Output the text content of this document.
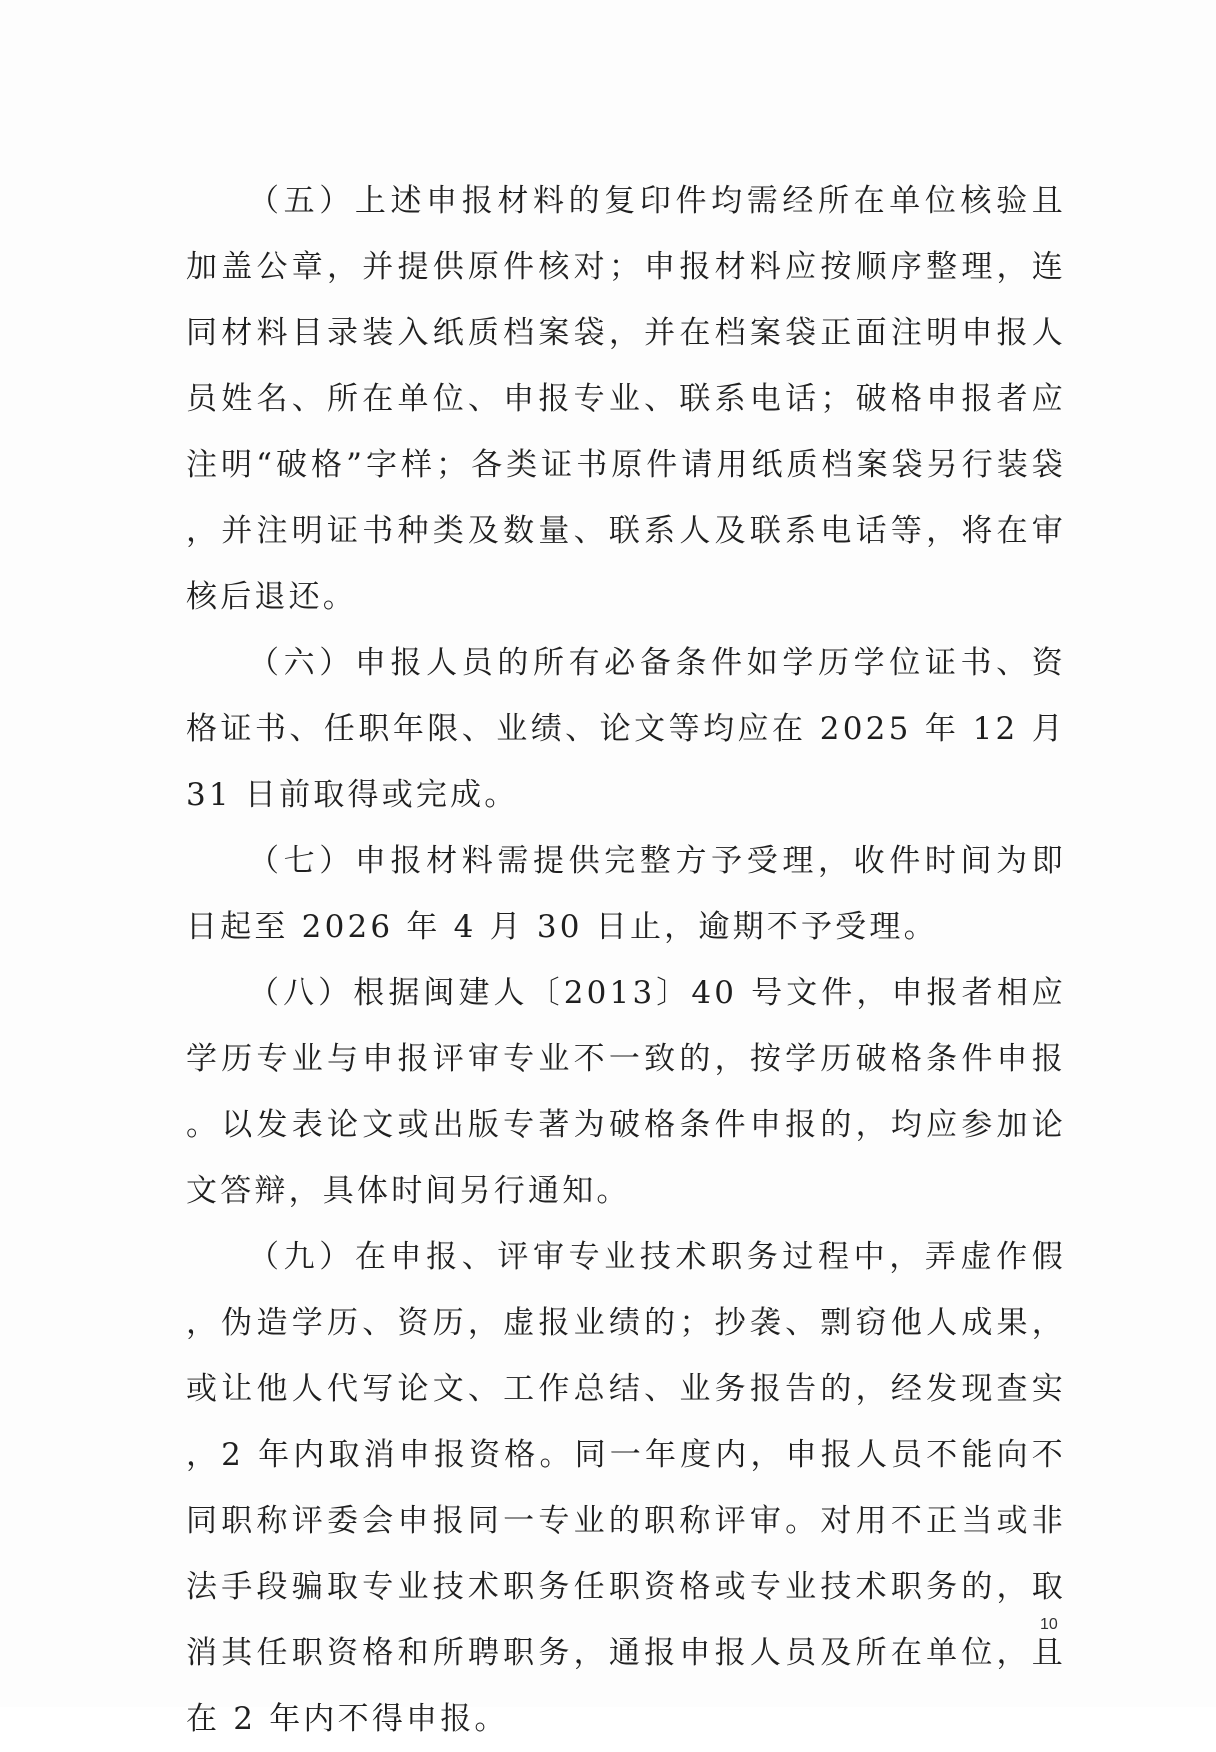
（五）上述申报材料的复印件均需经所在单位核验且加盖公章，并提供原件核对；申报材料应按顺序整理，连同材料目录装入纸质档案袋，并在档案袋正面注明申报人员姓名、所在单位、申报专业、联系电话；破格申报者应注明“破格”字样；各类证书原件请用纸质档案袋另行装袋，并注明证书种类及数量、联系人及联系电话等，将在审核后退还。

（六）申报人员的所有必备条件如学历学位证书、资格证书、任职年限、业绩、论文等均应在 2025 年 12 月 31 日前取得或完成。

（七）申报材料需提供完整方予受理，收件时间为即日起至 2026 年 4 月 30 日止，逾期不予受理。

（八）根据闽建人〔2013〕40 号文件，申报者相应学历专业与申报评审专业不一致的，按学历破格条件申报。以发表论文或出版专著为破格条件申报的，均应参加论文答辩，具体时间另行通知。

（九）在申报、评审专业技术职务过程中，弄虚作假，伪造学历、资历，虚报业绩的；抄袭、剽窃他人成果，或让他人代写论文、工作总结、业务报告的，经发现查实，2 年内取消申报资格。同一年度内，申报人员不能向不同职称评委会申报同一专业的职称评审。对用不正当或非法手段骗取专业技术职务任职资格或专业技术职务的，取消其任职资格和所聘职务，通报申报人员及所在单位，且在 2 年内不得申报。

10
